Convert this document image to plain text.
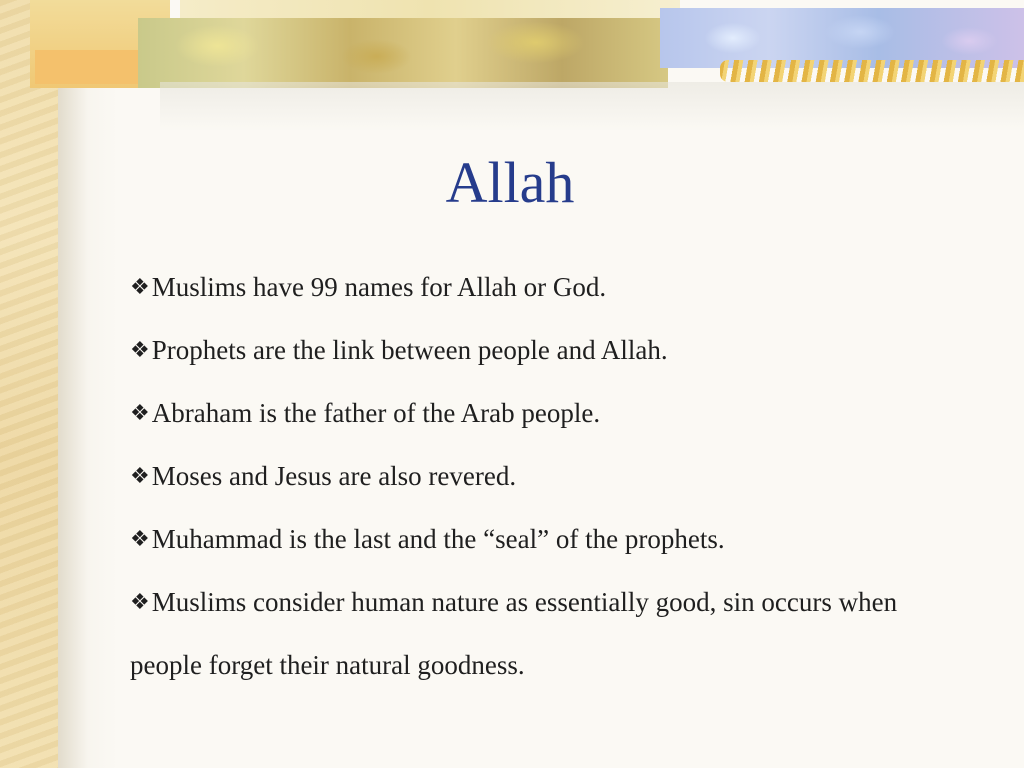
Allah
❖Muslims have 99 names for Allah or God.
❖Prophets are the link between people and Allah.
❖Abraham is the father of the Arab people.
❖Moses and Jesus are also revered.
❖Muhammad is the last and the “seal” of the prophets.
❖Muslims consider human nature as essentially good, sin occurs when people forget their natural goodness.
